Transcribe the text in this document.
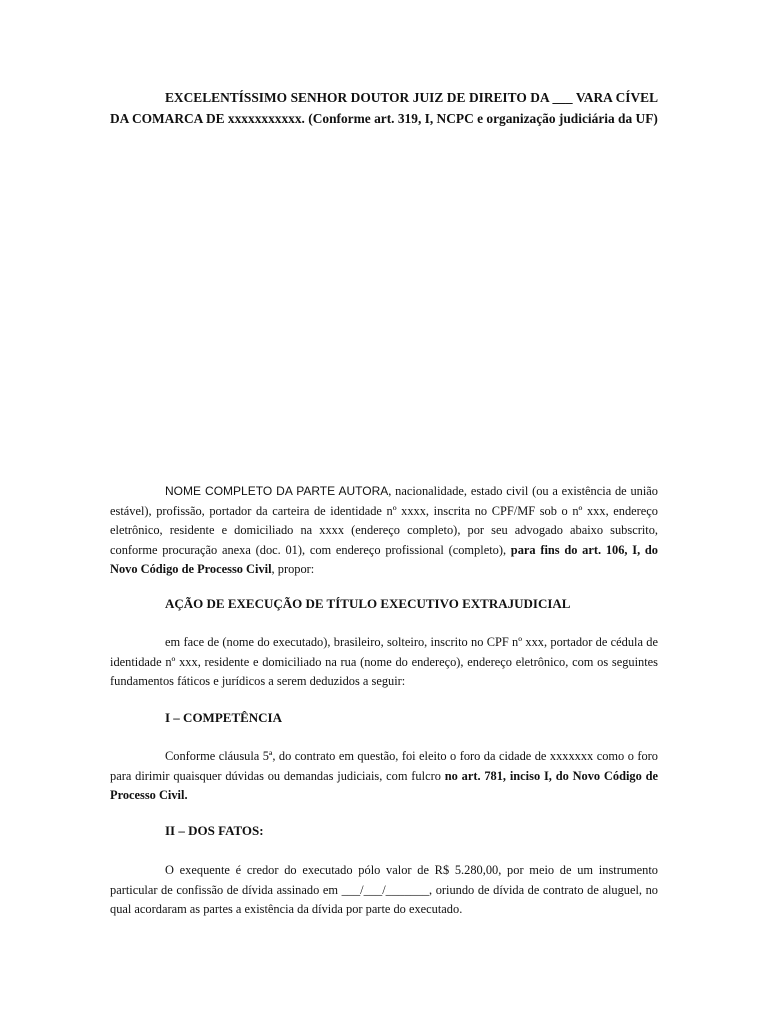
EXCELENTÍSSIMO SENHOR DOUTOR JUIZ DE DIREITO DA ___ VARA CÍVEL DA COMARCA DE xxxxxxxxxxx. (Conforme art. 319, I, NCPC e organização judiciária da UF)

NOME COMPLETO DA PARTE AUTORA, nacionalidade, estado civil (ou a existência de união estável), profissão, portador da carteira de identidade nº xxxx, inscrita no CPF/MF sob o nº xxx, endereço eletrônico, residente e domiciliado na xxxx (endereço completo), por seu advogado abaixo subscrito, conforme procuração anexa (doc. 01), com endereço profissional (completo), para fins do art. 106, I, do Novo Código de Processo Civil, propor:

AÇÃO DE EXECUÇÃO DE TÍTULO EXECUTIVO EXTRAJUDICIAL

em face de (nome do executado), brasileiro, solteiro, inscrito no CPF nº xxx, portador de cédula de identidade nº xxx, residente e domiciliado na rua (nome do endereço), endereço eletrônico, com os seguintes fundamentos fáticos e jurídicos a serem deduzidos a seguir:

I – COMPETÊNCIA

Conforme cláusula 5ª, do contrato em questão, foi eleito o foro da cidade de xxxxxxx como o foro para dirimir quaisquer dúvidas ou demandas judiciais, com fulcro no art. 781, inciso I, do Novo Código de Processo Civil.

II – DOS FATOS:

O exequente é credor do executado pólo valor de R$ 5.280,00, por meio de um instrumento particular de confissão de dívida assinado em ___/___/_______, oriundo de dívida de contrato de aluguel, no qual acordaram as partes a existência da dívida por parte do executado.
